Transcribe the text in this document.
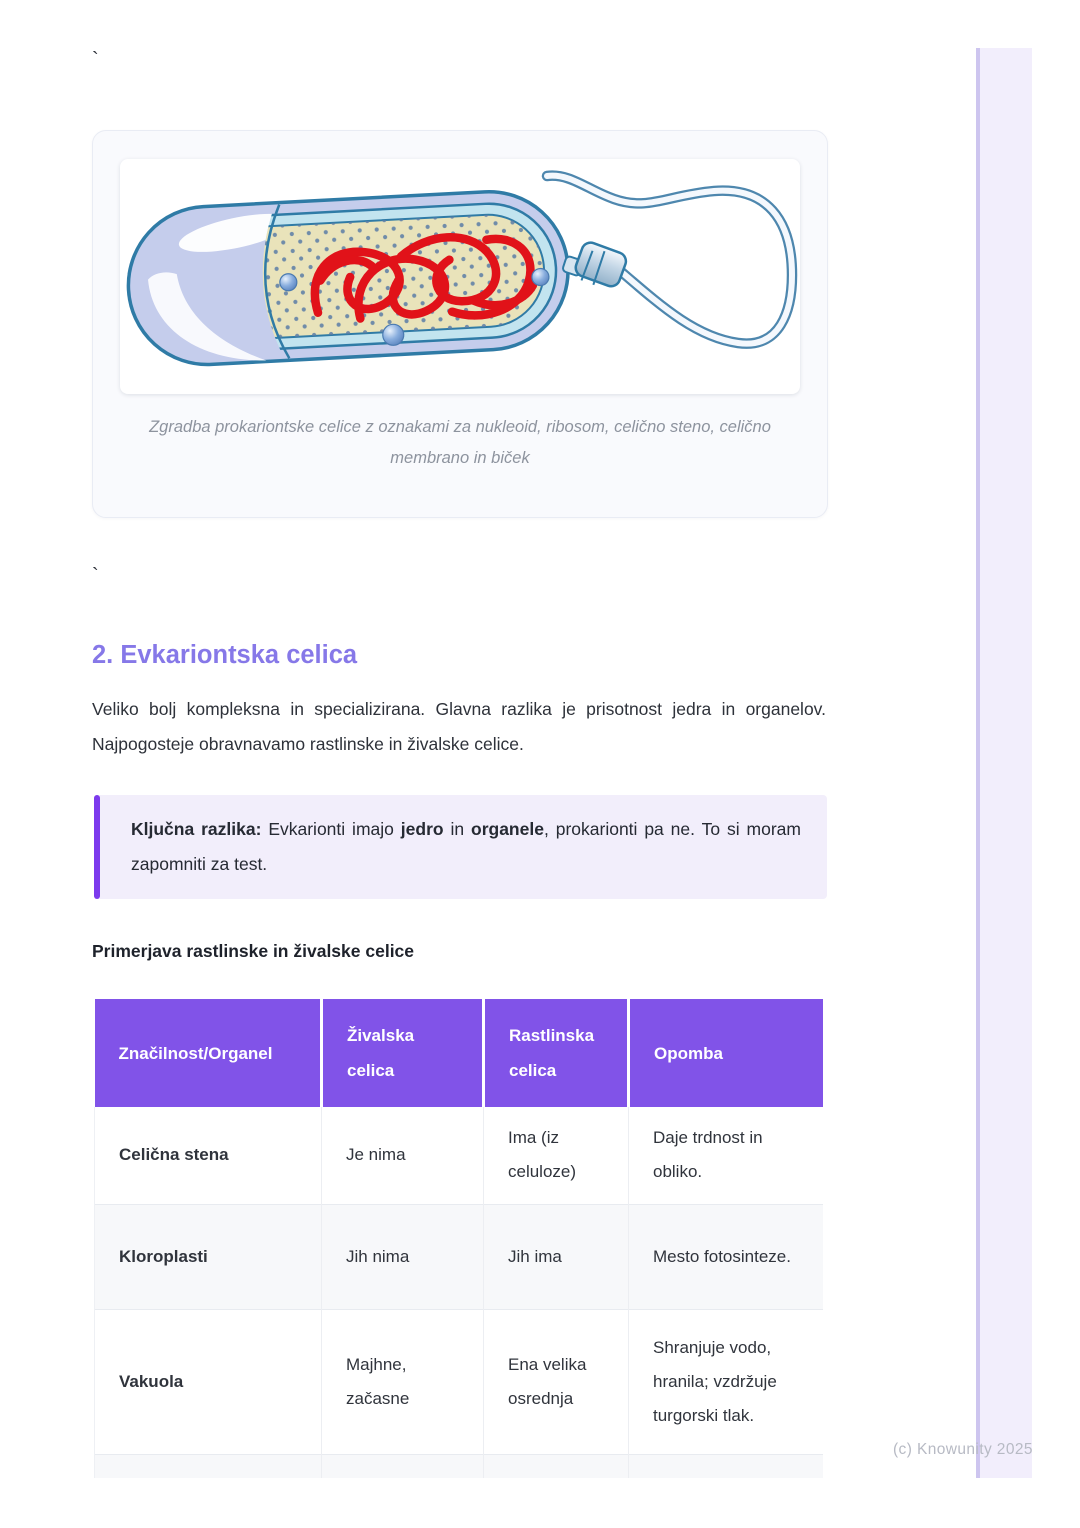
`
Zgradba prokariontske celice z oznakami za nukleoid, ribosom, celično steno, celično membrano in biček
`
2. Evkariontska celica
Veliko bolj kompleksna in specializirana. Glavna razlika je prisotnost jedra in organelov. Najpogosteje obravnavamo rastlinske in živalske celice.
Ključna razlika: Evkarionti imajo jedro in organele, prokarionti pa ne. To si moram zapomniti za test.
Primerjava rastlinske in živalske celice
Značilnost/Organel	Živalska celica	Rastlinska celica	Opomba
Celična stena	Je nima	Ima (iz celuloze)	Daje trdnost in obliko.
Kloroplasti	Jih nima	Jih ima	Mesto fotosinteze.
Vakuola	Majhne, začasne	Ena velika osrednja	Shranjuje vodo, hranila; vzdržuje turgorski tlak.

(c) Knowunity 2025
